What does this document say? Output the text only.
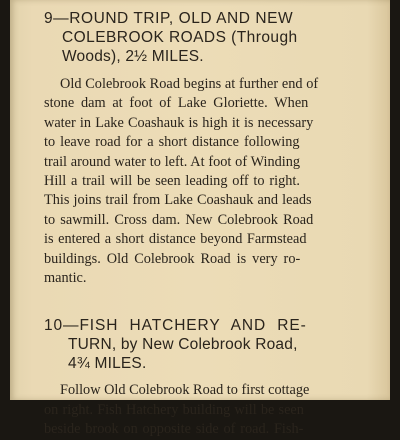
9—ROUND TRIP, OLD AND NEW
COLEBROOK ROADS (Through
Woods), 2½ MILES.
Old Colebrook Road begins at further end of
stone dam at foot of Lake Gloriette. When
water in Lake Coashauk is high it is necessary
to leave road for a short distance following
trail around water to left. At foot of Winding
Hill a trail will be seen leading off to right.
This joins trail from Lake Coashauk and leads
to sawmill. Cross dam. New Colebrook Road
is entered a short distance beyond Farmstead
buildings. Old Colebrook Road is very ro-
mantic.
10—FISH HATCHERY AND RE-
TURN, by New Colebrook Road,
4¾ MILES.
Follow Old Colebrook Road to first cottage
on right. Fish Hatchery building will be seen
beside brook on opposite side of road. Fish-
